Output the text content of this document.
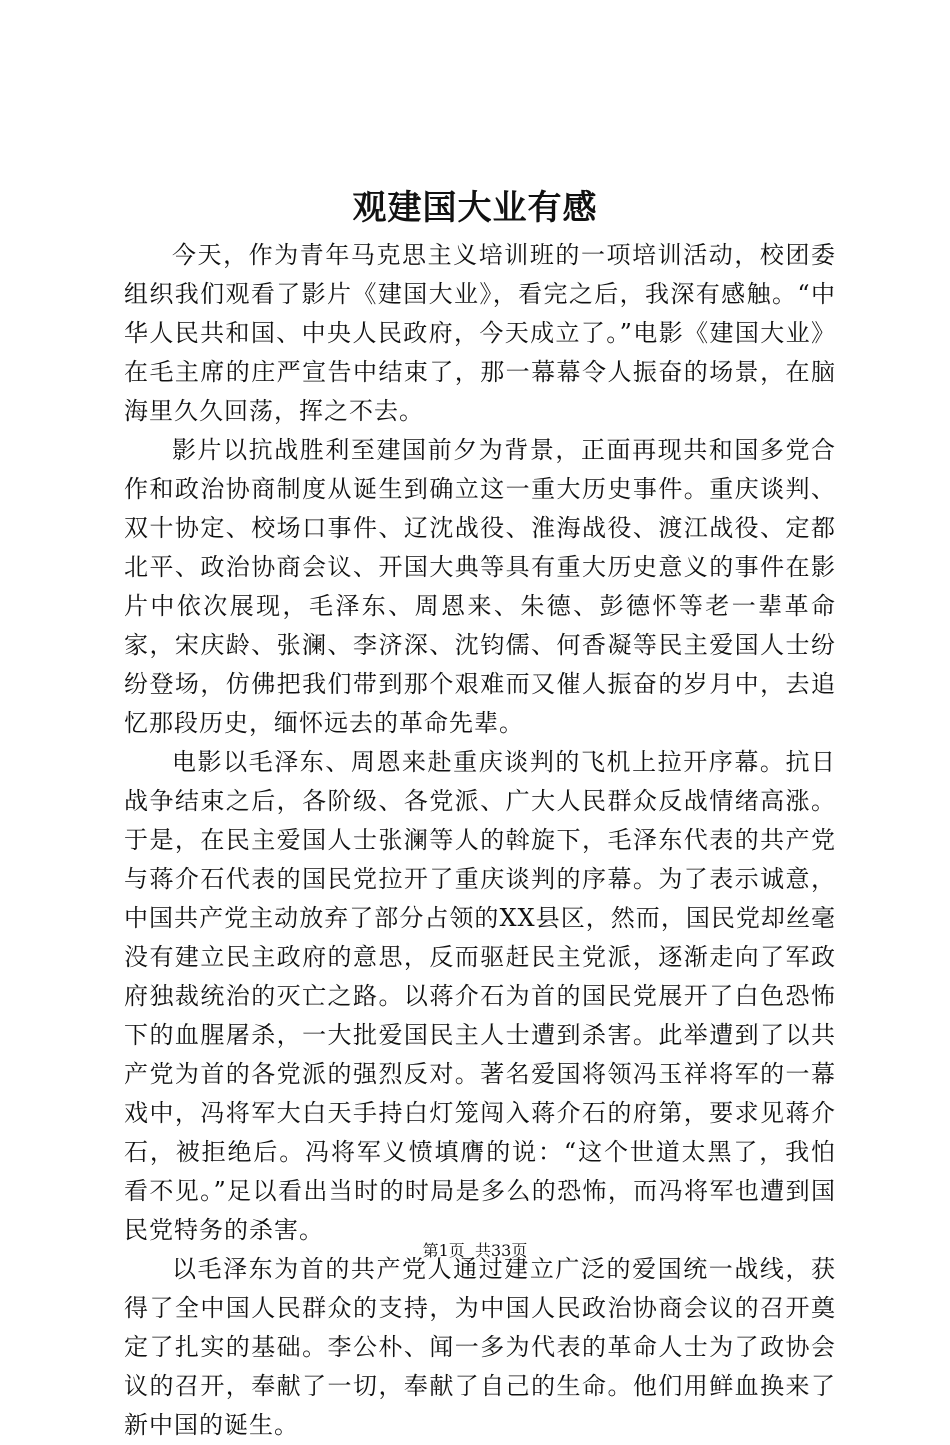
观建国大业有感

今天，作为青年马克思主义培训班的一项培训活动，校团委组织我们观看了影片《建国大业》，看完之后，我深有感触。“中华人民共和国、中央人民政府，今天成立了。”电影《建国大业》在毛主席的庄严宣告中结束了，那一幕幕令人振奋的场景，在脑海里久久回荡，挥之不去。

影片以抗战胜利至建国前夕为背景，正面再现共和国多党合作和政治协商制度从诞生到确立这一重大历史事件。重庆谈判、双十协定、校场口事件、辽沈战役、淮海战役、渡江战役、定都北平、政治协商会议、开国大典等具有重大历史意义的事件在影片中依次展现，毛泽东、周恩来、朱德、彭德怀等老一辈革命家，宋庆龄、张澜、李济深、沈钧儒、何香凝等民主爱国人士纷纷登场，仿佛把我们带到那个艰难而又催人振奋的岁月中，去追忆那段历史，缅怀远去的革命先辈。

电影以毛泽东、周恩来赴重庆谈判的飞机上拉开序幕。抗日战争结束之后，各阶级、各党派、广大人民群众反战情绪高涨。于是，在民主爱国人士张澜等人的斡旋下，毛泽东代表的共产党与蒋介石代表的国民党拉开了重庆谈判的序幕。为了表示诚意，中国共产党主动放弃了部分占领的XX县区，然而，国民党却丝毫没有建立民主政府的意思，反而驱赶民主党派，逐渐走向了军政府独裁统治的灭亡之路。以蒋介石为首的国民党展开了白色恐怖下的血腥屠杀，一大批爱国民主人士遭到杀害。此举遭到了以共产党为首的各党派的强烈反对。著名爱国将领冯玉祥将军的一幕戏中，冯将军大白天手持白灯笼闯入蒋介石的府第，要求见蒋介石，被拒绝后。冯将军义愤填膺的说：“这个世道太黑了，我怕看不见。”足以看出当时的时局是多么的恐怖，而冯将军也遭到国民党特务的杀害。

以毛泽东为首的共产党人通过建立广泛的爱国统一战线，获得了全中国人民群众的支持，为中国人民政治协商会议的召开奠定了扎实的基础。李公朴、闻一多为代表的革命人士为了政协会议的召开，奉献了一切，奉献了自己的生命。他们用鲜血换来了新中国的诞生。

第1页 共33页
